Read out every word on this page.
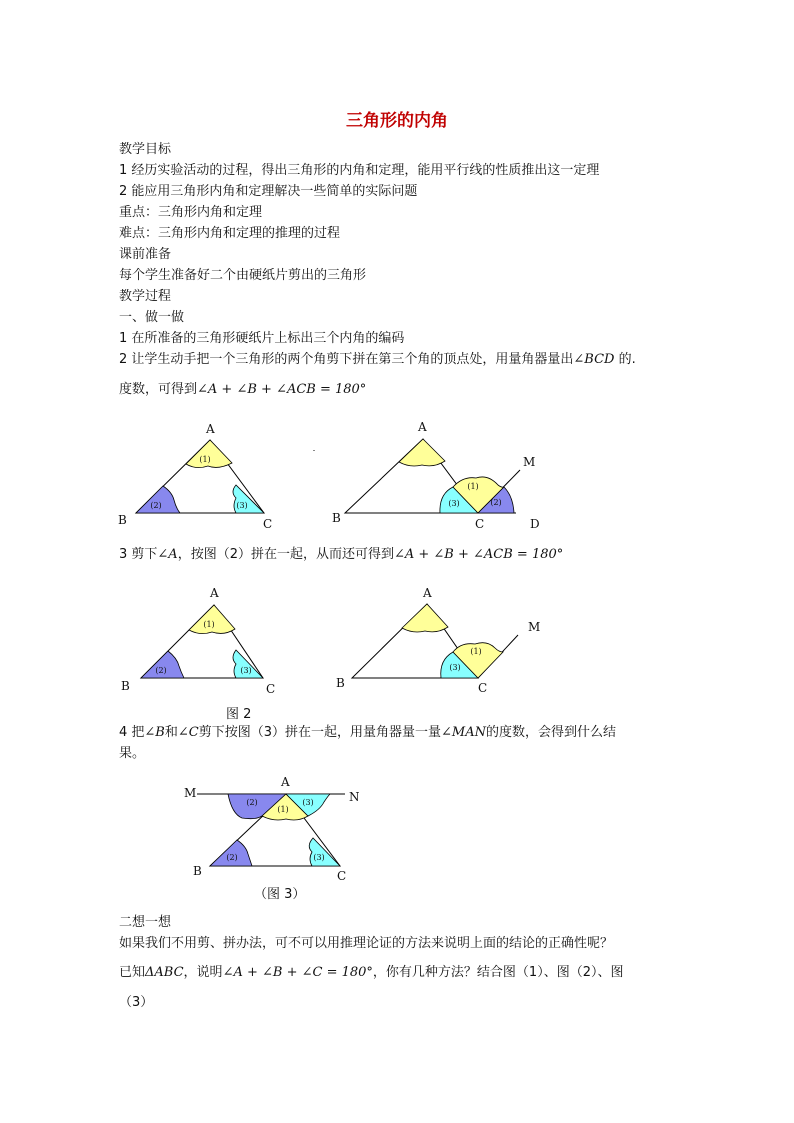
三角形的内角
教学目标
1 经历实验活动的过程，得出三角形的内角和定理，能用平行线的性质推出这一定理
2 能应用三角形内角和定理解决一些简单的实际问题
重点：三角形内角和定理
难点：三角形内角和定理的推理的过程
课前准备
每个学生准备好二个由硬纸片剪出的三角形
教学过程
一、做一做
1 在所准备的三角形硬纸片上标出三个内角的编码
2 让学生动手把一个三角形的两个角剪下拼在第三个角的顶点处，用量角器量出∠BCD 的.
度数，可得到∠A + ∠B + ∠ACB = 180°
A
B	C
(1)
(2)	(3)
A
B	C	D
M
(3)
(1)
(2)
3 剪下∠A，按图（2）拼在一起，从而还可得到∠A + ∠B + ∠ACB = 180°
A
B	C
(1)
(2)	(3)
A
B	C
M
(3)
(1)
图 2
4 把∠B和∠C剪下按图（3）拼在一起，用量角器量一量∠MAN的度数，会得到什么结
果。
A
M	N
B	C
(2)
(1)
(3)
(2)	(3)
（图 3）
二想一想
如果我们不用剪、拼办法，可不可以用推理论证的方法来说明上面的结论的正确性呢？
已知ΔABC，说明∠A + ∠B + ∠C = 180°，你有几种方法？结合图（1）、图（2）、图
（3）
